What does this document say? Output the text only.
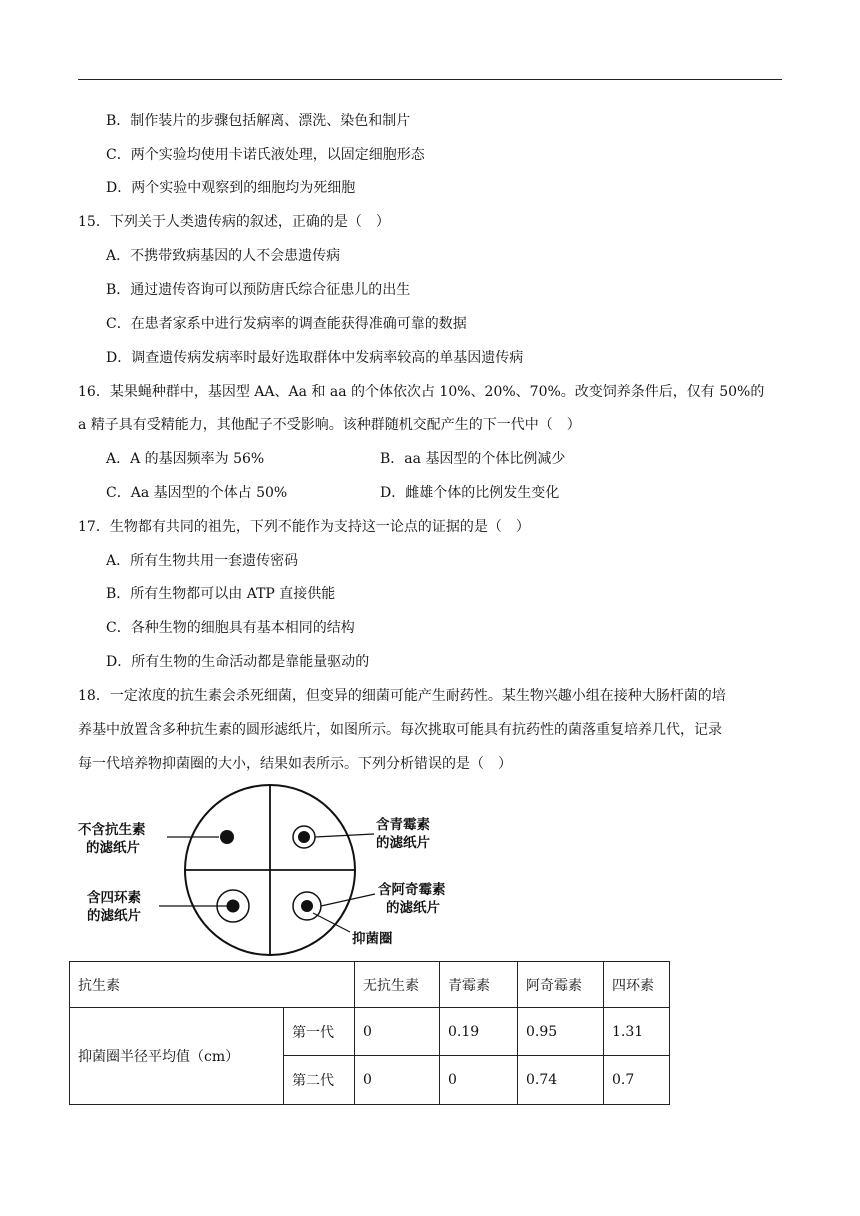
B．制作装片的步骤包括解离、漂洗、染色和制片
C．两个实验均使用卡诺氏液处理，以固定细胞形态
D．两个实验中观察到的细胞均为死细胞
15．下列关于人类遗传病的叙述，正确的是（　）
A．不携带致病基因的人不会患遗传病
B．通过遗传咨询可以预防唐氏综合征患儿的出生
C．在患者家系中进行发病率的调查能获得准确可靠的数据
D．调查遗传病发病率时最好选取群体中发病率较高的单基因遗传病
16．某果蝇种群中，基因型 AA、Aa 和 aa 的个体依次占 10%、20%、70%。改变饲养条件后，仅有 50%的
a 精子具有受精能力，其他配子不受影响。该种群随机交配产生的下一代中（　）
A．A 的基因频率为 56%	B．aa 基因型的个体比例减少
C．Aa 基因型的个体占 50%	D．雌雄个体的比例发生变化
17．生物都有共同的祖先，下列不能作为支持这一论点的证据的是（　）
A．所有生物共用一套遗传密码
B．所有生物都可以由 ATP 直接供能
C．各种生物的细胞具有基本相同的结构
D．所有生物的生命活动都是靠能量驱动的
18．一定浓度的抗生素会杀死细菌，但变异的细菌可能产生耐药性。某生物兴趣小组在接种大肠杆菌的培
养基中放置含多种抗生素的圆形滤纸片，如图所示。每次挑取可能具有抗药性的菌落重复培养几代，记录
每一代培养物抑菌圈的大小，结果如表所示。下列分析错误的是（　）
不含抗生素
的滤纸片
含青霉素
的滤纸片
含四环素
的滤纸片
含阿奇霉素
的滤纸片
抑菌圈
抗生素		无抗生素	青霉素	阿奇霉素	四环素
抑菌圈半径平均值（cm）	第一代	0	0.19	0.95	1.31
	第二代	0	0	0.74	0.7
